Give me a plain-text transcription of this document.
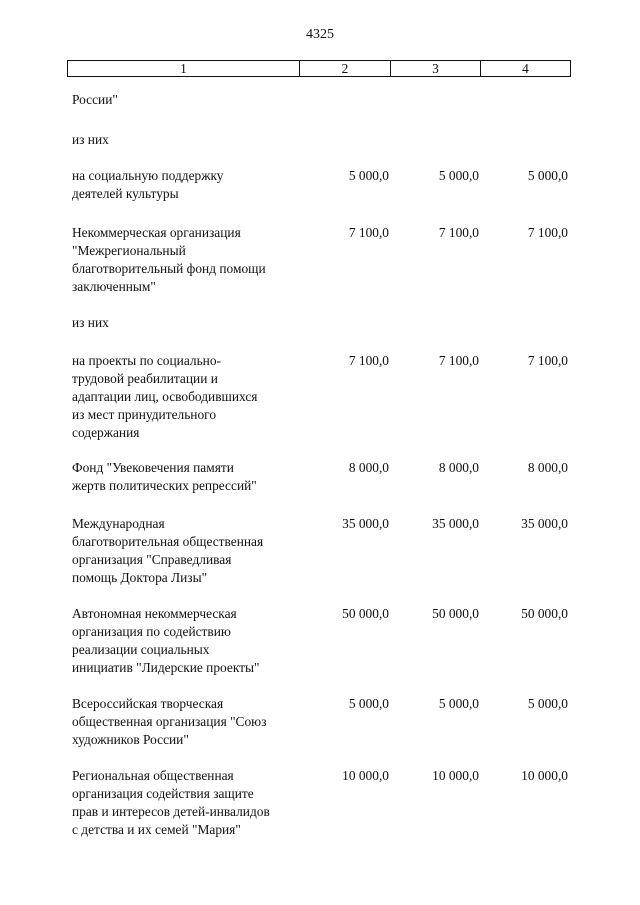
4325
1	2	3	4
России"
из них
на социальную поддержку
деятелей культуры
5 000,0	5 000,0	5 000,0
Некоммерческая организация
"Межрегиональный
благотворительный фонд помощи
заключенным"
7 100,0	7 100,0	7 100,0
из них
на проекты по социально-
трудовой реабилитации и
адаптации лиц, освободившихся
из мест принудительного
содержания
7 100,0	7 100,0	7 100,0
Фонд "Увековечения памяти
жертв политических репрессий"
8 000,0	8 000,0	8 000,0
Международная
благотворительная общественная
организация "Справедливая
помощь Доктора Лизы"
35 000,0	35 000,0	35 000,0
Автономная некоммерческая
организация по содействию
реализации социальных
инициатив "Лидерские проекты"
50 000,0	50 000,0	50 000,0
Всероссийская творческая
общественная организация "Союз
художников России"
5 000,0	5 000,0	5 000,0
Региональная общественная
организация содействия защите
прав и интересов детей-инвалидов
с детства и их семей "Мария"
10 000,0	10 000,0	10 000,0
